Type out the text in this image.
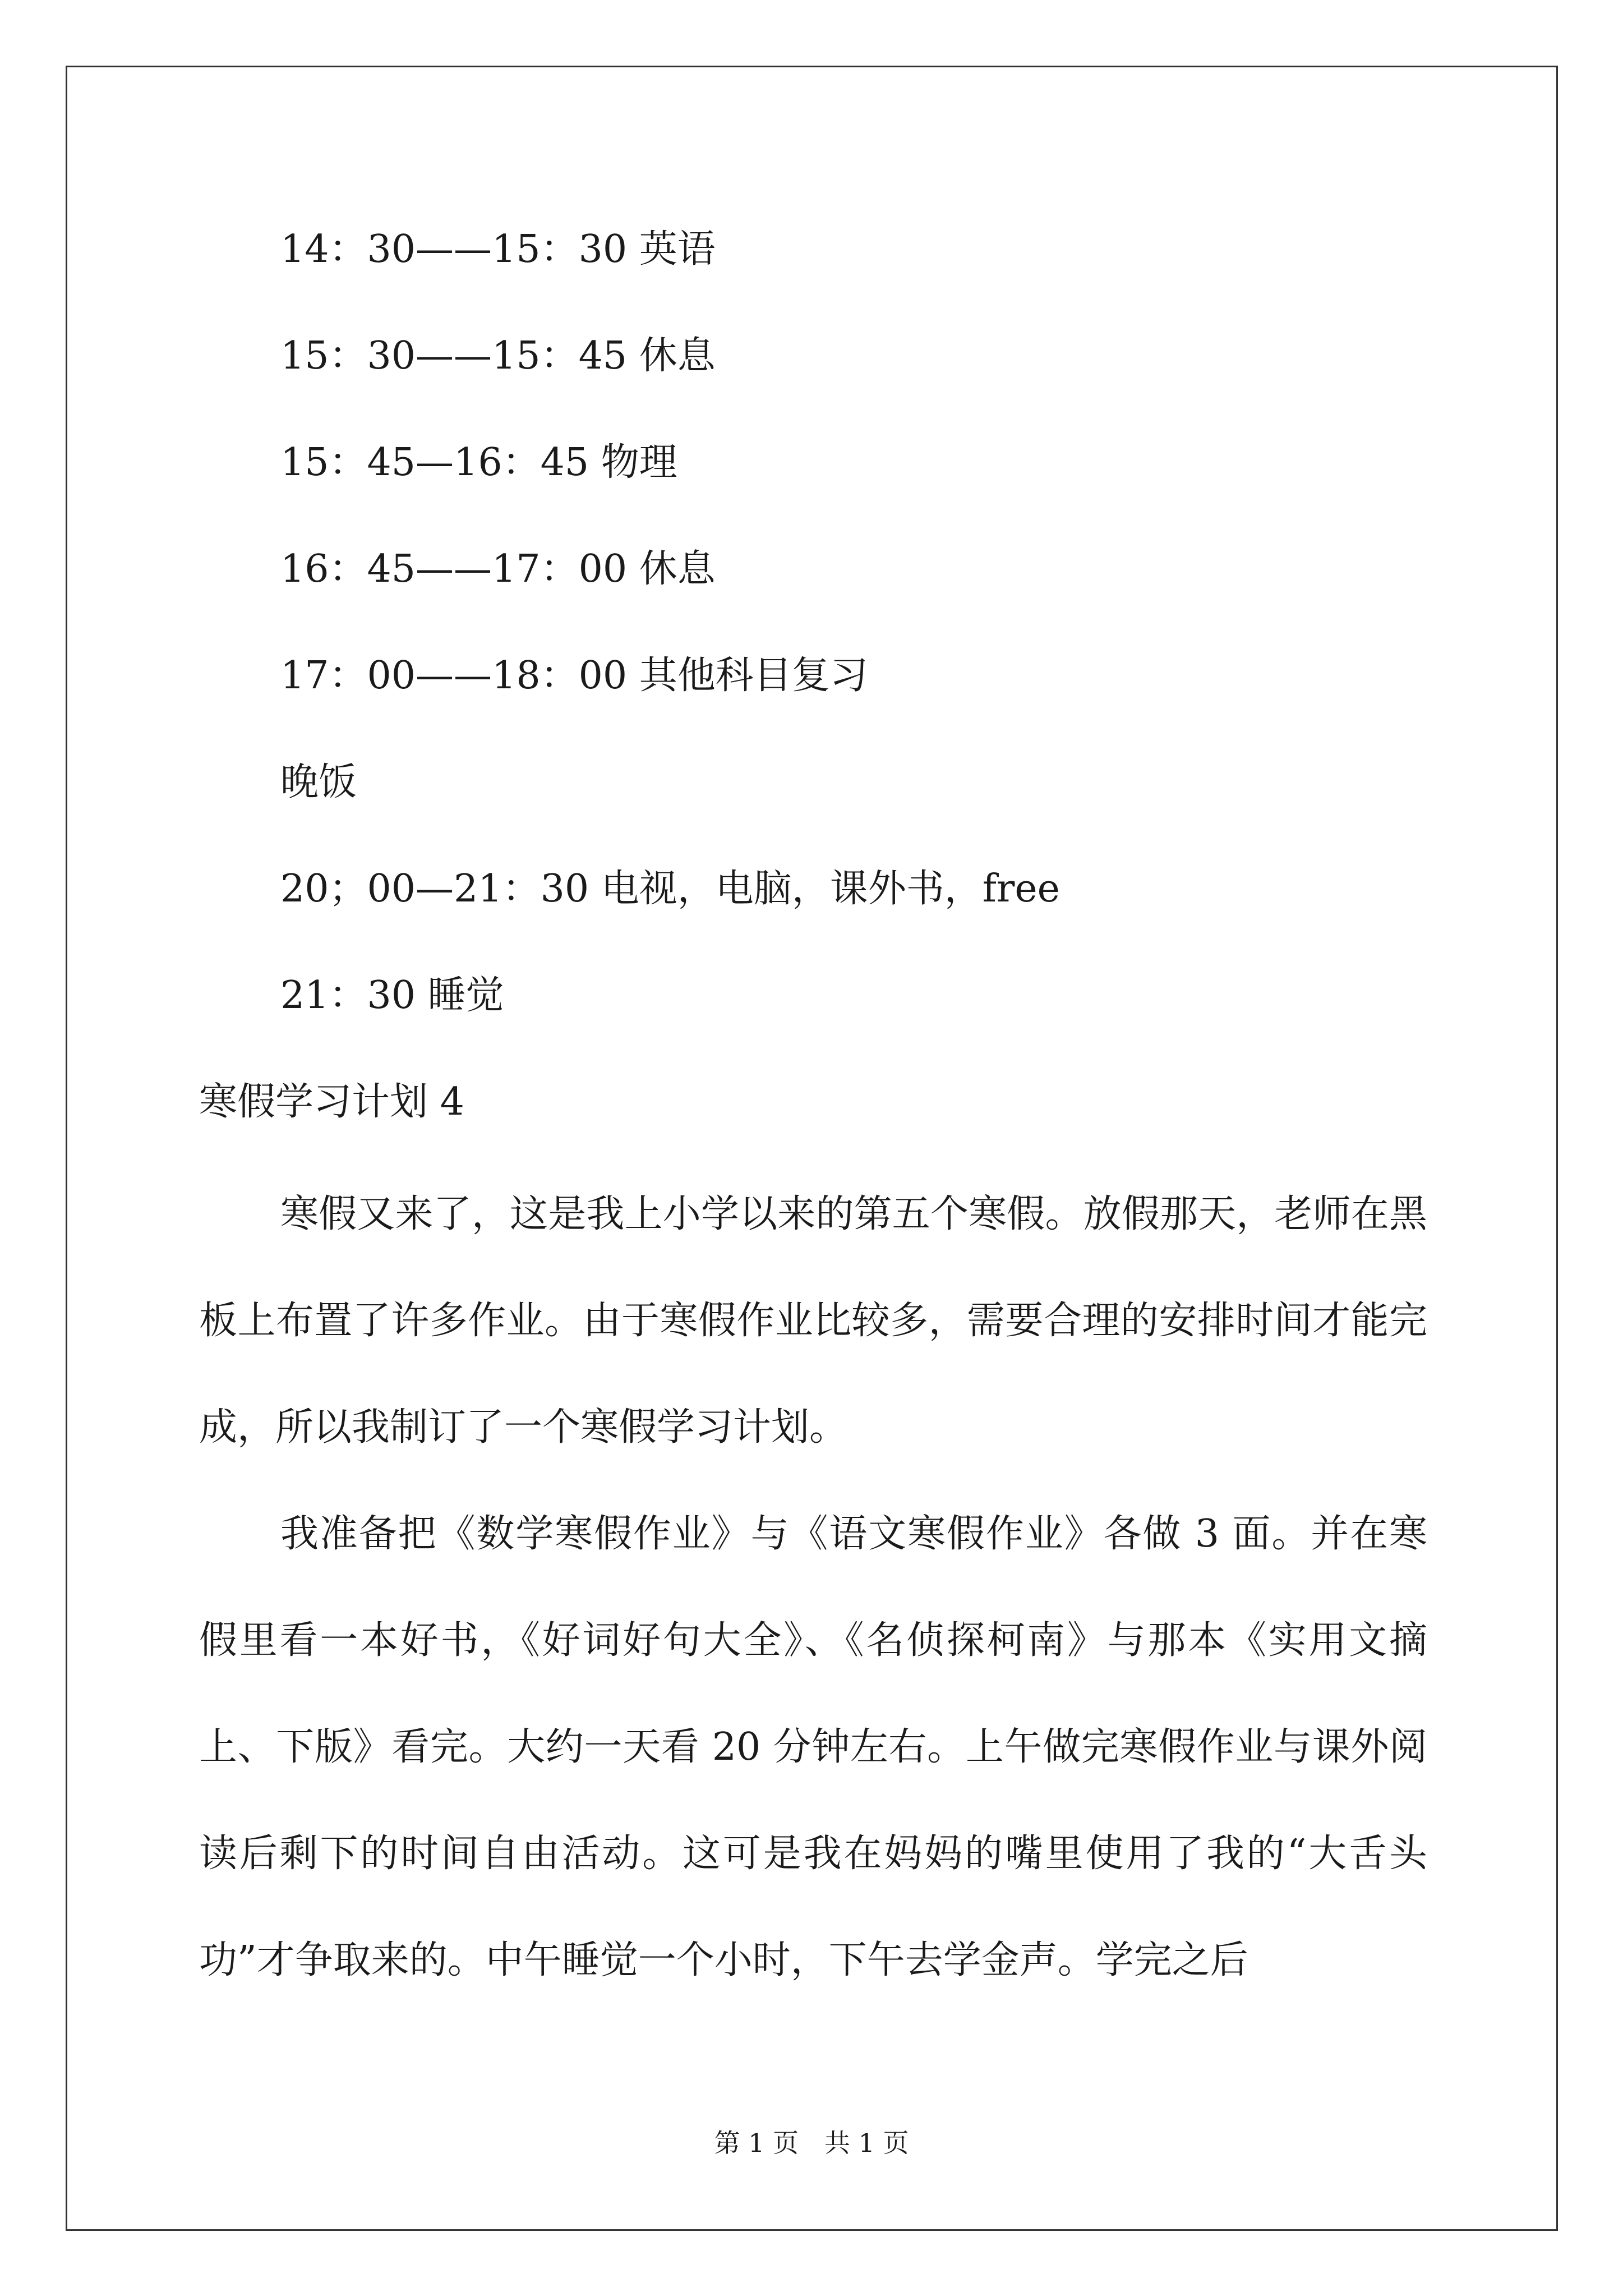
14：30——15：30 英语

15：30——15：45 休息

15：45—16：45 物理

16：45——17：00 休息

17：00——18：00 其他科目复习

晚饭

20；00—21：30 电视，电脑，课外书，free

21：30 睡觉

寒假学习计划 4

寒假又来了，这是我上小学以来的第五个寒假。放假那天，老师在黑板上布置了许多作业。由于寒假作业比较多，需要合理的安排时间才能完成，所以我制订了一个寒假学习计划。

我准备把《数学寒假作业》与《语文寒假作业》各做 3 面。并在寒假里看一本好书，《好词好句大全》、《名侦探柯南》与那本《实用文摘上、下版》看完。大约一天看 20 分钟左右。上午做完寒假作业与课外阅读后剩下的时间自由活动。这可是我在妈妈的嘴里使用了我的“大舌头功”才争取来的。中午睡觉一个小时，下午去学金声。学完之后

第 1 页　共 1 页
